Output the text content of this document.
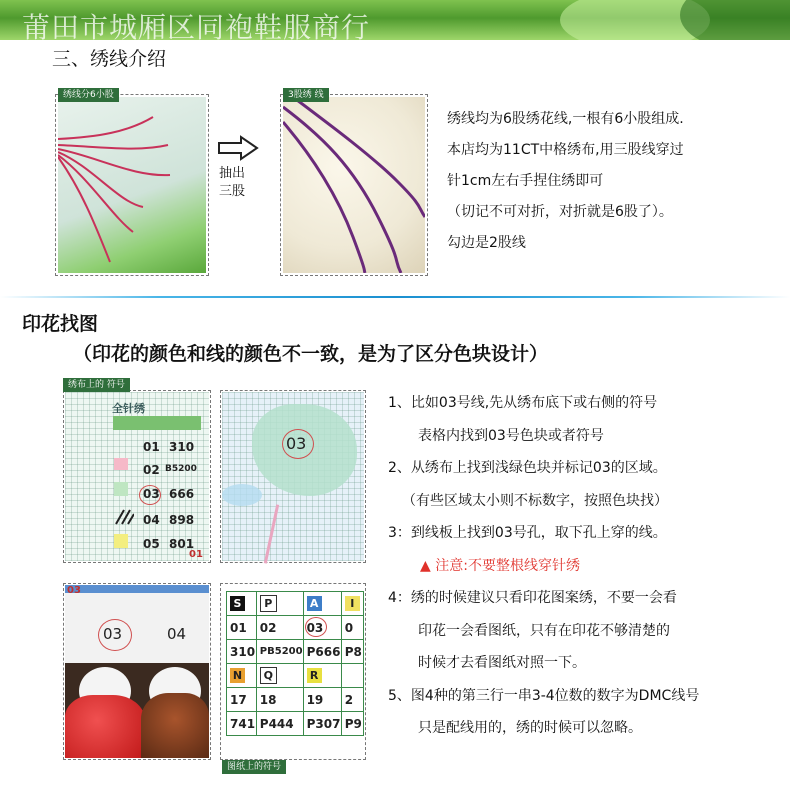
莆田市城厢区同袍鞋服商行
三、绣线介绍
绣线分6小股
抽出
三股
3股绣 线
绣线均为6股绣花线,一根有6小股组成.
本店均为11CT中格绣布,用三股线穿过
针1cm左右手捏住绣即可
（切记不可对折，对折就是6股了）。
勾边是2股线
印花找图
（印花的颜色和线的颜色不一致，是为了区分色块设计）
全针绣
01 310
02 B5200
03 666
04 898
05 801
01
绣布上的 符号
03
03
03	04
S	P	A	I
01	02	03	0
310	PB5200	P666	P8
N	Q	R	
17	18	19	2
741	P444	P307	P9
图纸上的符号
1、比如03号线,先从绣布底下或右侧的符号
表格内找到03号色块或者符号
2、从绣布上找到浅绿色块并标记03的区域。
（有些区域太小则不标数字，按照色块找）
3：到线板上找到03号孔，取下孔上穿的线。
▲ 注意:不要整根线穿针绣
4：绣的时候建议只看印花图案绣，不要一会看
印花一会看图纸，只有在印花不够清楚的
时候才去看图纸对照一下。
5、图4种的第三行一串3-4位数的数字为DMC线号
只是配线用的，绣的时候可以忽略。
